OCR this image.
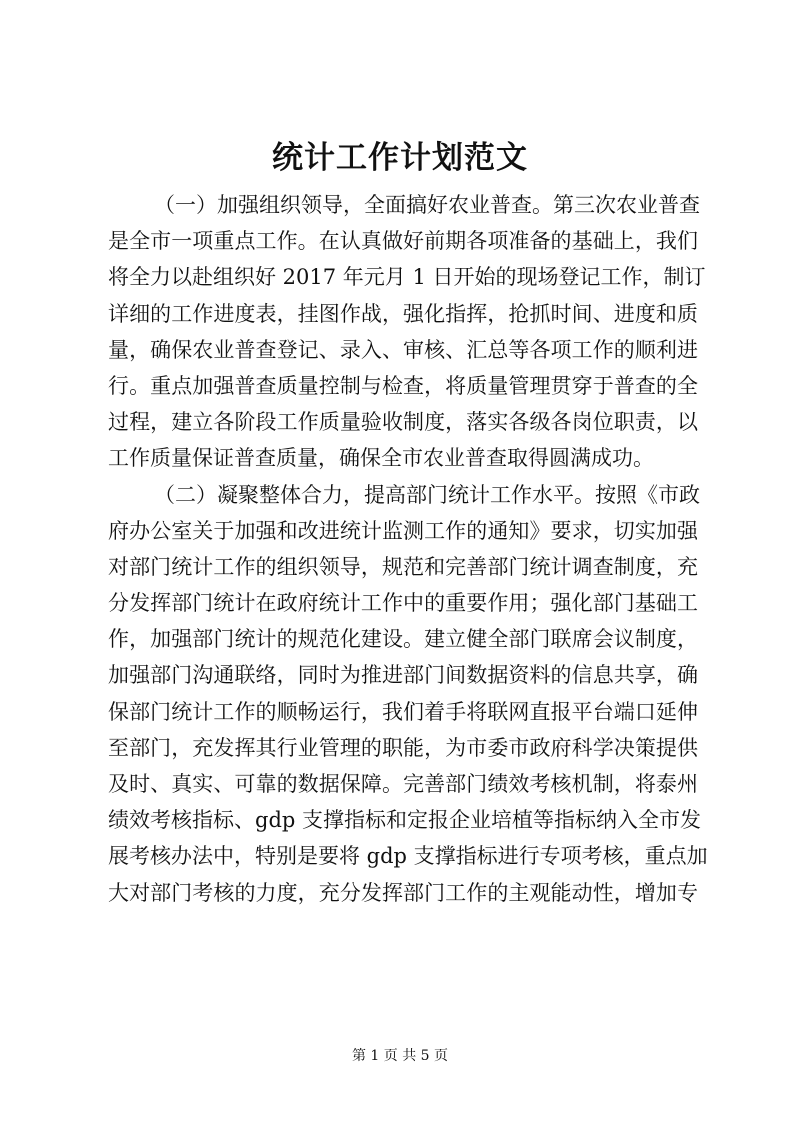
统计工作计划范文
（一）加强组织领导，全面搞好农业普查。第三次农业普查
是全市一项重点工作。在认真做好前期各项准备的基础上，我们
将全力以赴组织好 2017 年元月 1 日开始的现场登记工作，制订
详细的工作进度表，挂图作战，强化指挥，抢抓时间、进度和质
量，确保农业普查登记、录入、审核、汇总等各项工作的顺利进
行。重点加强普查质量控制与检查，将质量管理贯穿于普查的全
过程，建立各阶段工作质量验收制度，落实各级各岗位职责，以
工作质量保证普查质量，确保全市农业普查取得圆满成功。
（二）凝聚整体合力，提高部门统计工作水平。按照《市政
府办公室关于加强和改进统计监测工作的通知》要求，切实加强
对部门统计工作的组织领导，规范和完善部门统计调查制度，充
分发挥部门统计在政府统计工作中的重要作用；强化部门基础工
作，加强部门统计的规范化建设。建立健全部门联席会议制度，
加强部门沟通联络，同时为推进部门间数据资料的信息共享，确
保部门统计工作的顺畅运行，我们着手将联网直报平台端口延伸
至部门，充发挥其行业管理的职能，为市委市政府科学决策提供
及时、真实、可靠的数据保障。完善部门绩效考核机制，将泰州
绩效考核指标、gdp 支撑指标和定报企业培植等指标纳入全市发
展考核办法中，特别是要将 gdp 支撑指标进行专项考核，重点加
大对部门考核的力度，充分发挥部门工作的主观能动性，增加专
第 1 页 共 5 页
